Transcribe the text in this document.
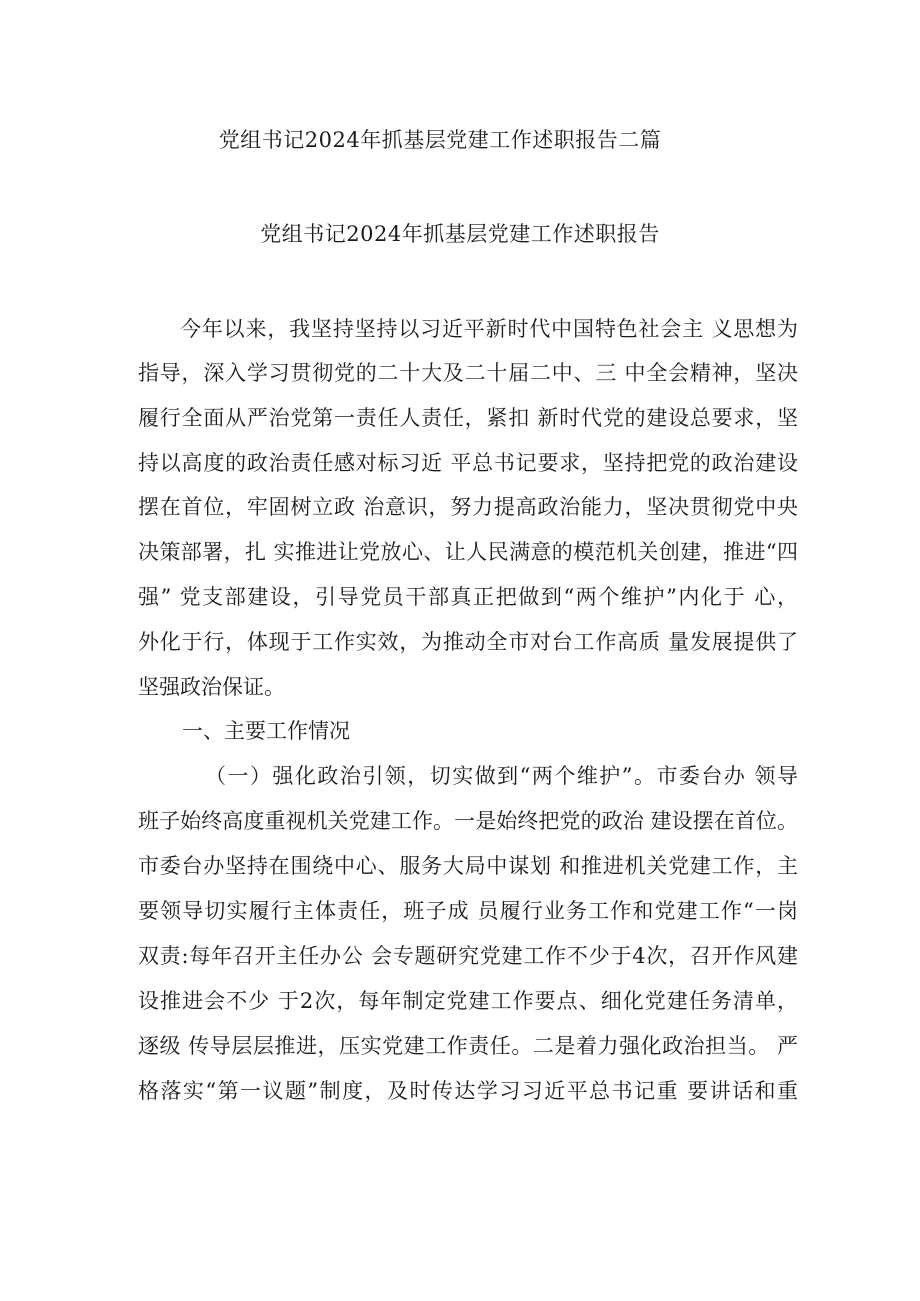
党组书记2024年抓基层党建工作述职报告二篇
党组书记2024年抓基层党建工作述职报告
今年以来，我坚持坚持以习近平新时代中国特色社会主 义思想为
指导，深入学习贯彻党的二十大及二十届二中、三 中全会精神，坚决
履行全面从严治党第一责任人责任，紧扣 新时代党的建设总要求，坚
持以高度的政治责任感对标习近 平总书记要求，坚持把党的政治建设
摆在首位，牢固树立政 治意识，努力提高政治能力，坚决贯彻党中央
决策部署，扎 实推进让党放心、让人民满意的模范机关创建，推进“四
强” 党支部建设，引导党员干部真正把做到“两个维护”内化于 心，
外化于行，体现于工作实效，为推动全市对台工作高质 量发展提供了
坚强政治保证。
一、主要工作情况
（一）强化政治引领，切实做到“两个维护”。市委台办 领导
班子始终高度重视机关党建工作。一是始终把党的政治 建设摆在首位。
市委台办坚持在围绕中心、服务大局中谋划 和推进机关党建工作，主
要领导切实履行主体责任，班子成 员履行业务工作和党建工作“一岗
双责:每年召开主任办公 会专题研究党建工作不少于4次，召开作风建
设推进会不少 于2次，每年制定党建工作要点、细化党建任务清单，
逐级 传导层层推进，压实党建工作责任。二是着力强化政治担当。 严
格落实“第一议题”制度，及时传达学习习近平总书记重 要讲话和重
